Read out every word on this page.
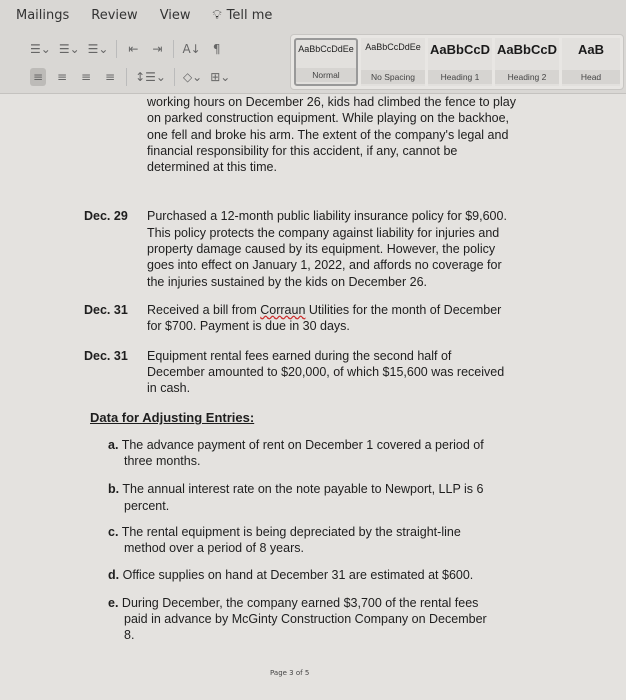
Mailings Review View 💡︎ Tell me
☰⌄ ☰⌄ ☰⌄ ⇤ ⇥ A↓	¶
≡ ≡ ≡ ≡ ↕☰⌄ ◇⌄ ⊞⌄
AaBbCcDdEe
Normal
AaBbCcDdEe
No Spacing
AaBbCcD
Heading 1
AaBbCcD
Heading 2
AaB
Head
working hours on December 26, kids had climbed the fence to play on parked construction equipment. While playing on the backhoe, one fell and broke his arm. The extent of the company's legal and financial responsibility for this accident, if any, cannot be determined at this time.
Dec. 29	Purchased a 12-month public liability insurance policy for $9,600. This policy protects the company against liability for injuries and property damage caused by its equipment. However, the policy goes into effect on January 1, 2022, and affords no coverage for the injuries sustained by the kids on December 26.
Dec. 31	Received a bill from Corraun Utilities for the month of December for $700. Payment is due in 30 days.
Dec. 31	Equipment rental fees earned during the second half of December amounted to $20,000, of which $15,600 was received in cash.
Data for Adjusting Entries:
a. The advance payment of rent on December 1 covered a period of three months.
b. The annual interest rate on the note payable to Newport, LLP is 6 percent.
c. The rental equipment is being depreciated by the straight-line method over a period of 8 years.
d. Office supplies on hand at December 31 are estimated at $600.
e. During December, the company earned $3,700 of the rental fees paid in advance by McGinty Construction Company on December 8.
Page 3 of 5
